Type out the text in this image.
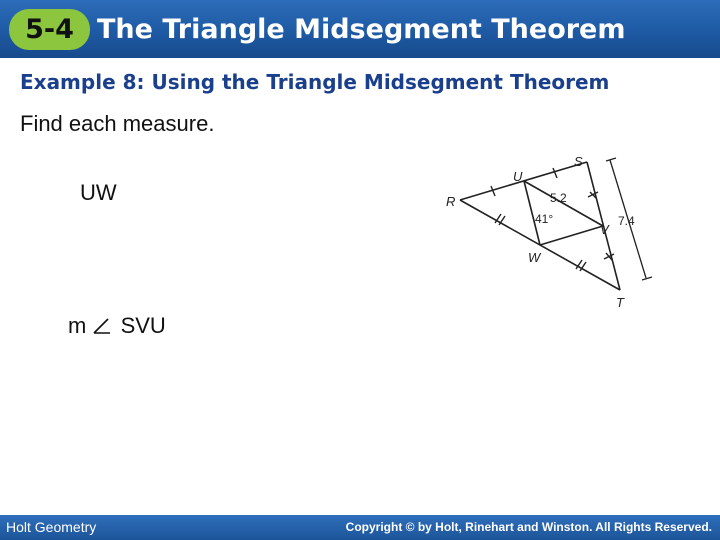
5-4 The Triangle Midsegment Theorem
Example 8: Using the Triangle Midsegment Theorem
Find each measure.
UW
m SVU
R
U
S
V
W
T
5.2
7.4
41°
Holt Geometry	Copyright © by Holt, Rinehart and Winston. All Rights Reserved.
